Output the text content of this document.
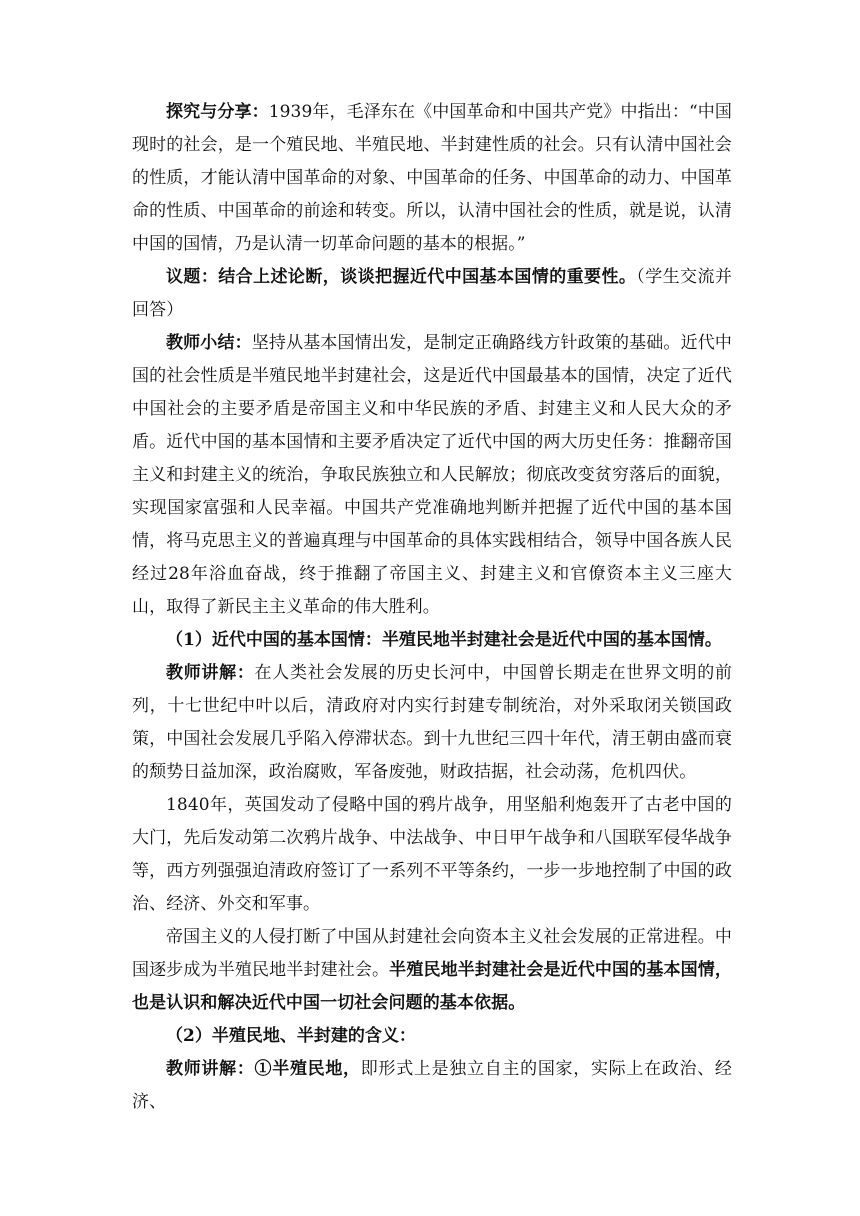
探究与分享：1939年，毛泽东在《中国革命和中国共产党》中指出：“中国现时的社会，是一个殖民地、半殖民地、半封建性质的社会。只有认清中国社会的性质，才能认清中国革命的对象、中国革命的任务、中国革命的动力、中国革命的性质、中国革命的前途和转变。所以，认清中国社会的性质，就是说，认清中国的国情，乃是认清一切革命问题的基本的根据。”

议题：结合上述论断，谈谈把握近代中国基本国情的重要性。（学生交流并回答）

教师小结：坚持从基本国情出发，是制定正确路线方针政策的基础。近代中国的社会性质是半殖民地半封建社会，这是近代中国最基本的国情，决定了近代中国社会的主要矛盾是帝国主义和中华民族的矛盾、封建主义和人民大众的矛盾。近代中国的基本国情和主要矛盾决定了近代中国的两大历史任务：推翻帝国主义和封建主义的统治，争取民族独立和人民解放；彻底改变贫穷落后的面貌，实现国家富强和人民幸福。中国共产党准确地判断并把握了近代中国的基本国情，将马克思主义的普遍真理与中国革命的具体实践相结合，领导中国各族人民经过28年浴血奋战，终于推翻了帝国主义、封建主义和官僚资本主义三座大山，取得了新民主主义革命的伟大胜利。

（1）近代中国的基本国情：半殖民地半封建社会是近代中国的基本国情。

教师讲解：在人类社会发展的历史长河中，中国曾长期走在世界文明的前列，十七世纪中叶以后，清政府对内实行封建专制统治，对外采取闭关锁国政策，中国社会发展几乎陷入停滞状态。到十九世纪三四十年代，清王朝由盛而衰的颓势日益加深，政治腐败，军备废弛，财政拮据，社会动荡，危机四伏。

1840年，英国发动了侵略中国的鸦片战争，用坚船利炮轰开了古老中国的大门，先后发动第二次鸦片战争、中法战争、中日甲午战争和八国联军侵华战争等，西方列强强迫清政府签订了一系列不平等条约，一步一步地控制了中国的政治、经济、外交和军事。

帝国主义的人侵打断了中国从封建社会向资本主义社会发展的正常进程。中国逐步成为半殖民地半封建社会。半殖民地半封建社会是近代中国的基本国情，也是认识和解决近代中国一切社会问题的基本依据。

（2）半殖民地、半封建的含义：

教师讲解：①半殖民地，即形式上是独立自主的国家，实际上在政治、经济、
